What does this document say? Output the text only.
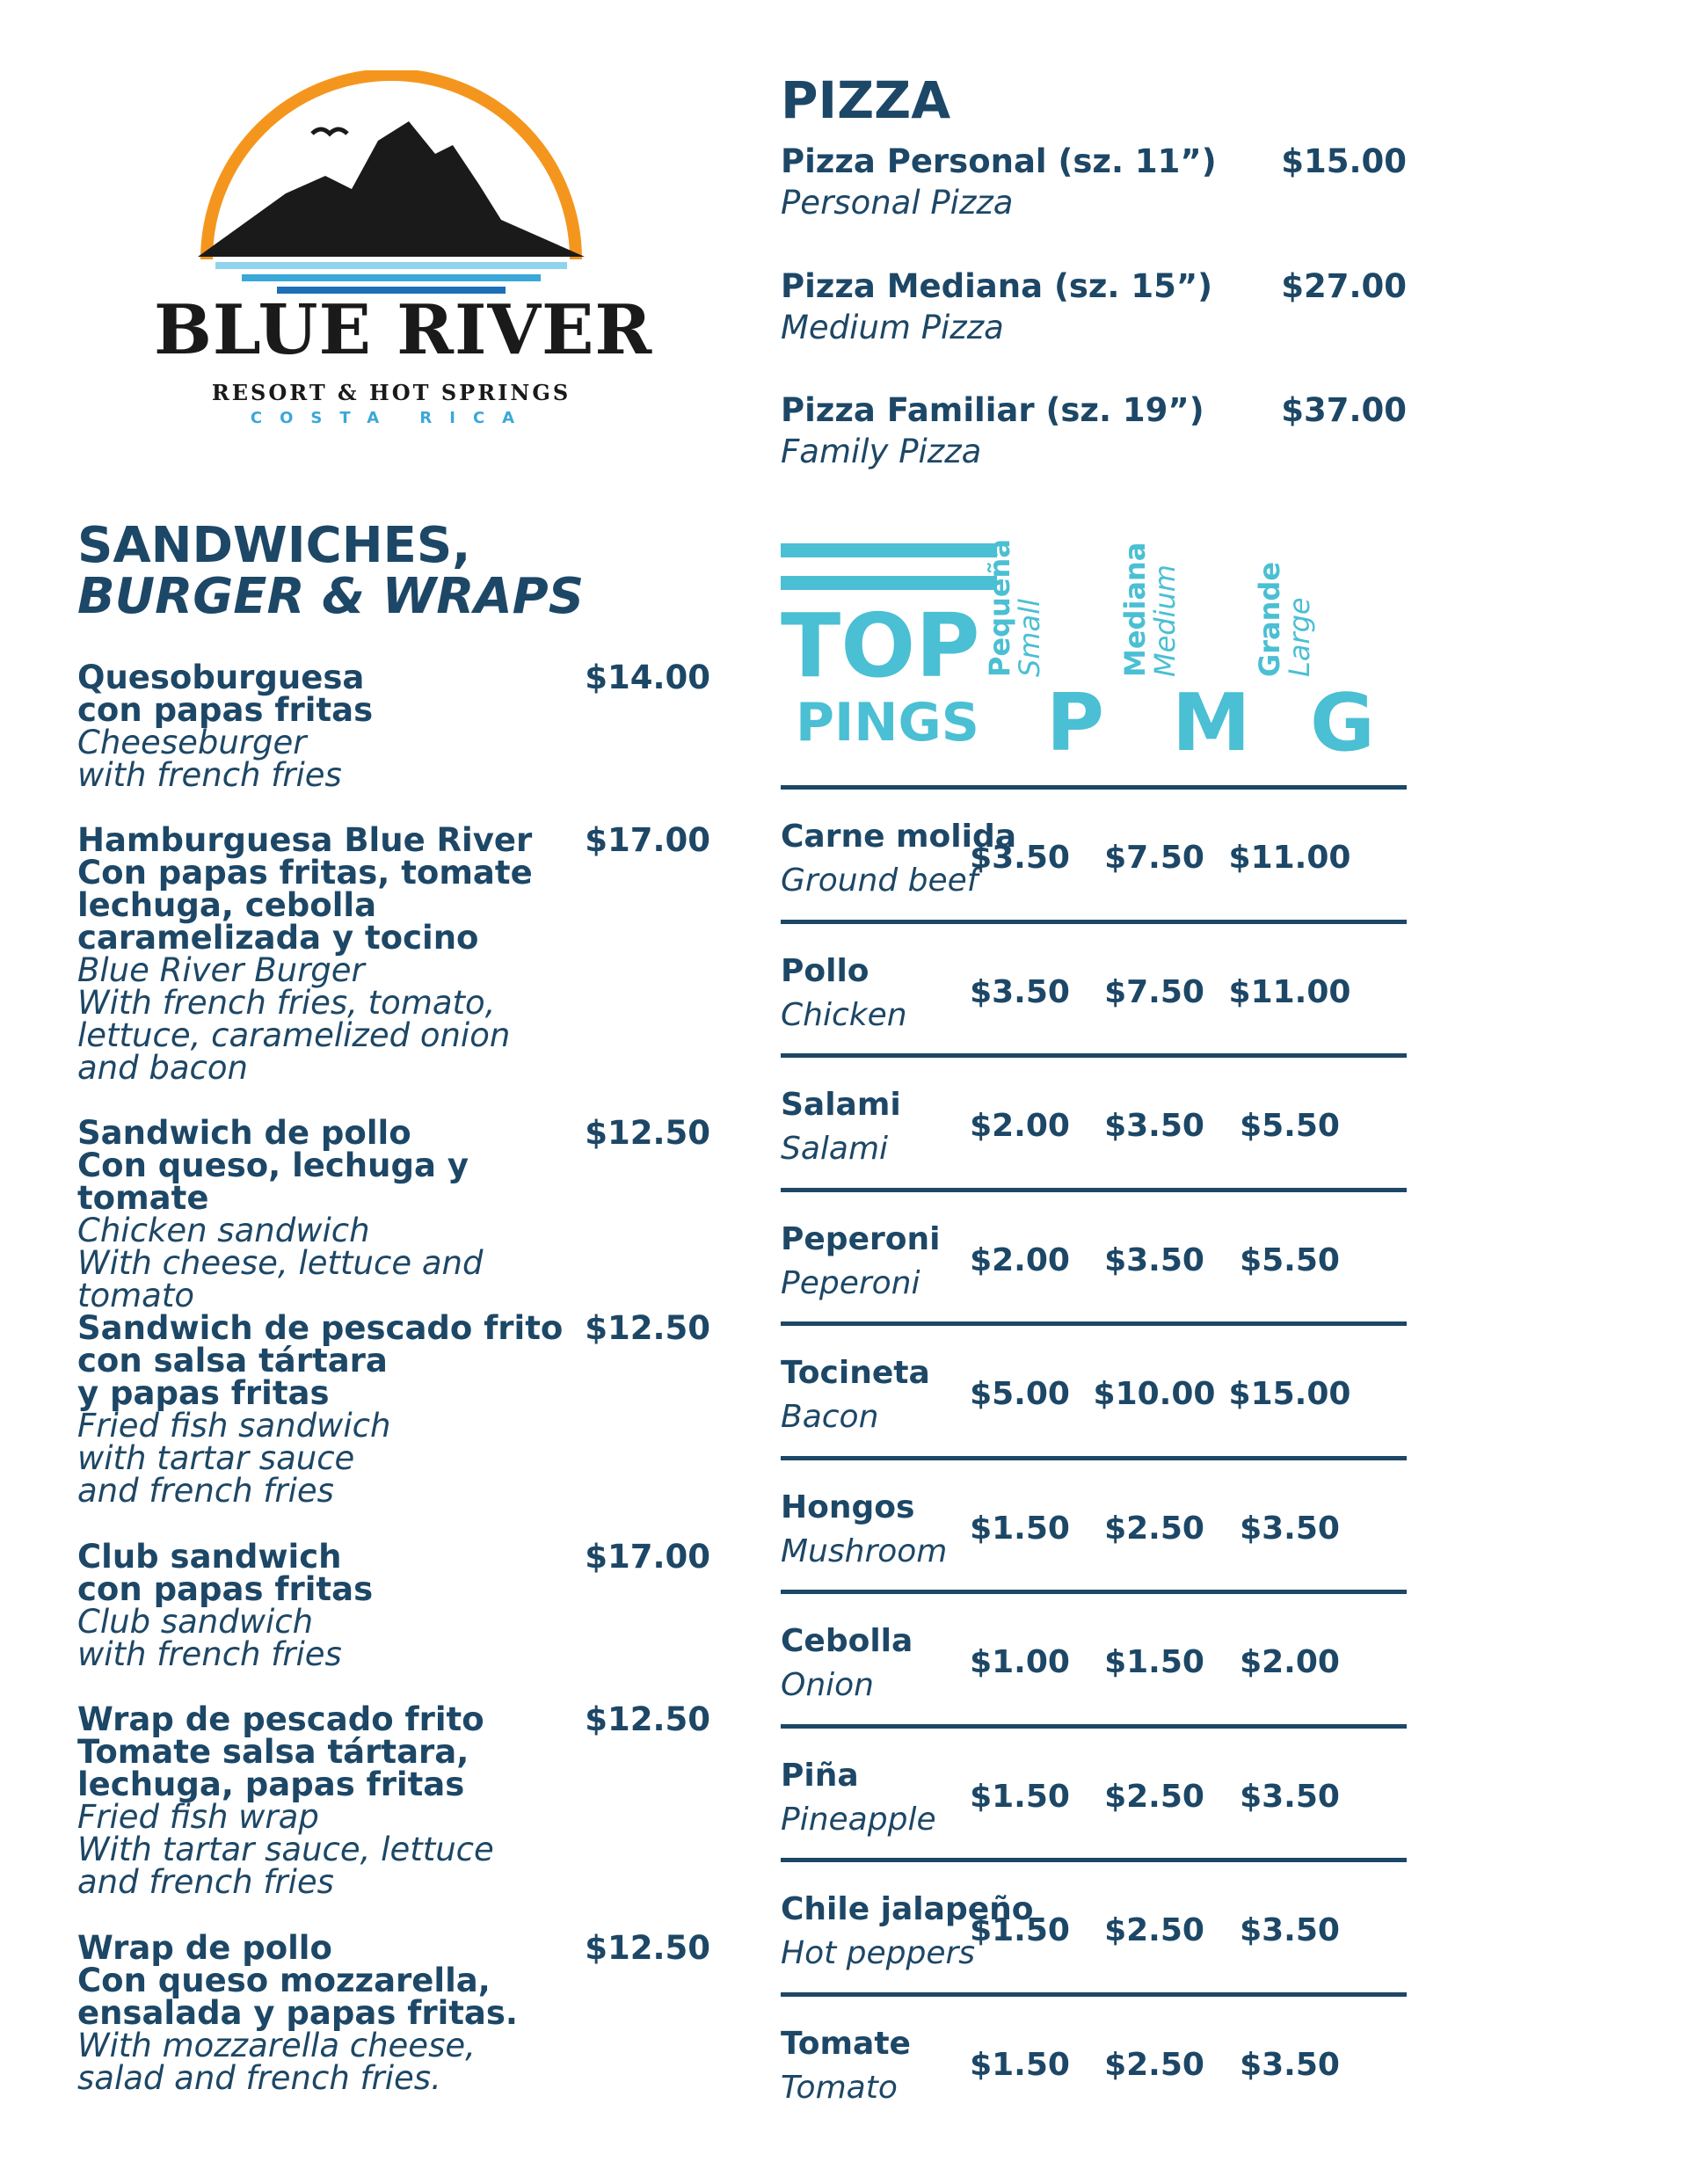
BLUE RIVER
RESORT & HOT SPRINGS
COSTA RICA
SANDWICHES,
BURGER & WRAPS
Quesoburguesa
con papas fritas
Cheeseburger
with french fries
$14.00
Hamburguesa Blue River
Con papas fritas, tomate
lechuga, cebolla
caramelizada y tocino
Blue River Burger
With french fries, tomato,
lettuce, caramelized onion
and bacon
$17.00
Sandwich de pollo
Con queso, lechuga y tomate
Chicken sandwich
With cheese, lettuce and
tomato
$12.50
Sandwich de pescado frito
con salsa tártara
y papas fritas
Fried fish sandwich
with tartar sauce
and french fries
$12.50
Club sandwich
con papas fritas
Club sandwich
with french fries
$17.00
Wrap de pescado frito
Tomate salsa tártara,
lechuga, papas fritas
Fried fish wrap
With tartar sauce, lettuce
and french fries
$12.50
Wrap de pollo
Con queso mozzarella,
ensalada y papas fritas.
With mozzarella cheese,
salad and french fries.
$12.50
PIZZA
Pizza Personal (sz. 11”)
Personal Pizza
$15.00
Pizza Mediana (sz. 15”)
Medium Pizza
$27.00
Pizza Familiar (sz. 19”)
Family Pizza
$37.00
TOP
PINGS
Pequeña
Small	Mediana
Medium	Grande
Large
P M G
Carne molida
Ground beef
$3.50	$7.50 $11.00
Pollo
Chicken
$3.50	$7.50 $11.00
Salami
Salami
$2.00	$3.50	$5.50
Peperoni
Peperoni
$2.00	$3.50	$5.50
Tocineta
Bacon
$5.00 $10.00 $15.00
Hongos
Mushroom
$1.50	$2.50	$3.50
Cebolla
Onion
$1.00	$1.50	$2.00
Piña
Pineapple
$1.50	$2.50	$3.50
Chile jalapeño
Hot peppers
$1.50	$2.50	$3.50
Tomate
Tomato
$1.50	$2.50	$3.50
